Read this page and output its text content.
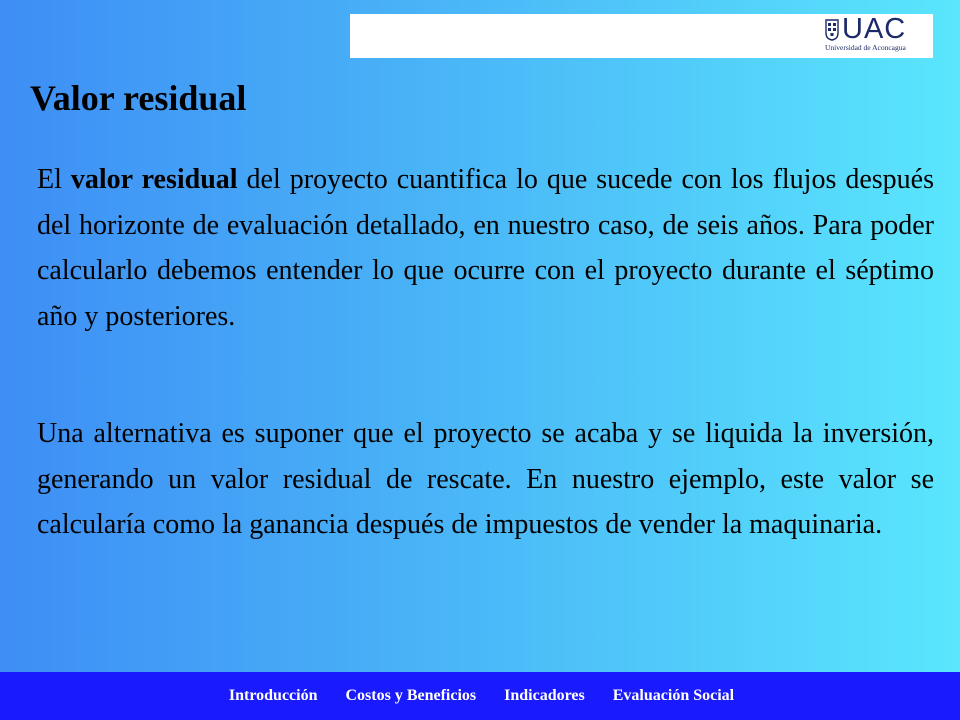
UAC
Universidad de Aconcagua
Valor residual

El valor residual del proyecto cuantifica lo que sucede con los flujos después del horizonte de evaluación detallado, en nuestro caso, de seis años. Para poder calcularlo debemos entender lo que ocurre con el proyecto durante el séptimo año y posteriores.

Una alternativa es suponer que el proyecto se acaba y se liquida la inversión, generando un valor residual de rescate. En nuestro ejemplo, este valor se calcularía como la ganancia después de impuestos de vender la maquinaria.

Introducción Costos y Beneficios Indicadores Evaluación Social
